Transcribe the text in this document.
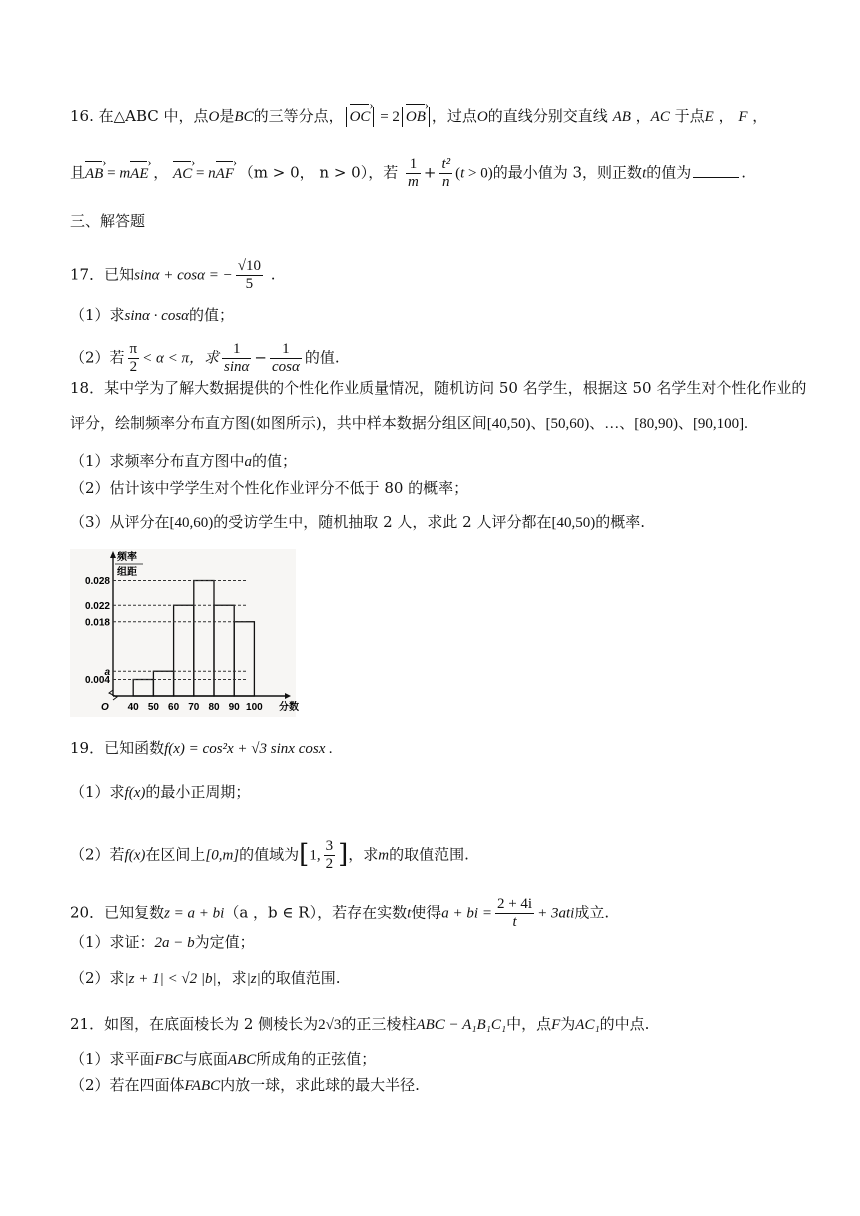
16. 在△ABC 中，点O是BC的三等分点， OC › = 2 OB › ，过点O的直线分别交直线 AB ，AC 于点E ， F ，
且AB › = mAE › ， AC › = nAF › （m > 0， n > 0），若 $\frac{1}{m} + \frac{\text{t²}}{n} (t > 0)$的最小值为 3，则正数t的值为	.
三、解答题
17．已知sinα + cosα = − $\frac{√10}{5}$ .
（1）求sinα · cosα的值；
（2）若 $\frac{\pi}{2} < \alpha < \pi$，求 $\frac{1}{\sin\alpha} - \frac{1}{\cos\alpha}$ 的值.
18．某中学为了解大数据提供的个性化作业质量情况，随机访问 50 名学生，根据这 50 名学生对个性化作业的
评分，绘制频率分布直方图(如图所示)，共中样本数据分组区间[40,50)、[50,60)、…、[80,90)、[90,100].
（1）求频率分布直方图中a的值；
（2）估计该中学学生对个性化作业评分不低于 80 的概率；
（3）从评分在[40,60)的受访学生中，随机抽取 2 人，求此 2 人评分都在[40,50)的概率.
频率
组距
0.028
0.022
0.018
a
0.004
40 50 60 70 80 90 100 分数
O
19．已知函数f(x) = cos²x + √3 sinx cosx .
（1）求f(x)的最小正周期；
（2）若f(x)在区间上[0,m]的值域为[1, $\frac{3}{2}$ ]，求m的取值范围.
20．已知复数z = a + bi（a ，b ∈ R），若存在实数t使得a + bi = $\frac{2 + 4i}{t} + 3ati$成立.
（1）求证：2a − b为定值；
（2）求|z + 1| < √2 |b|，求|z|的取值范围.
21．如图，在底面棱长为 2 侧棱长为2√3的正三棱柱ABC − A₁B₁C₁中，点F为AC₁的中点.
（1）求平面FBC与底面ABC所成角的正弦值；
（2）若在四面体FABC内放一球，求此球的最大半径.
